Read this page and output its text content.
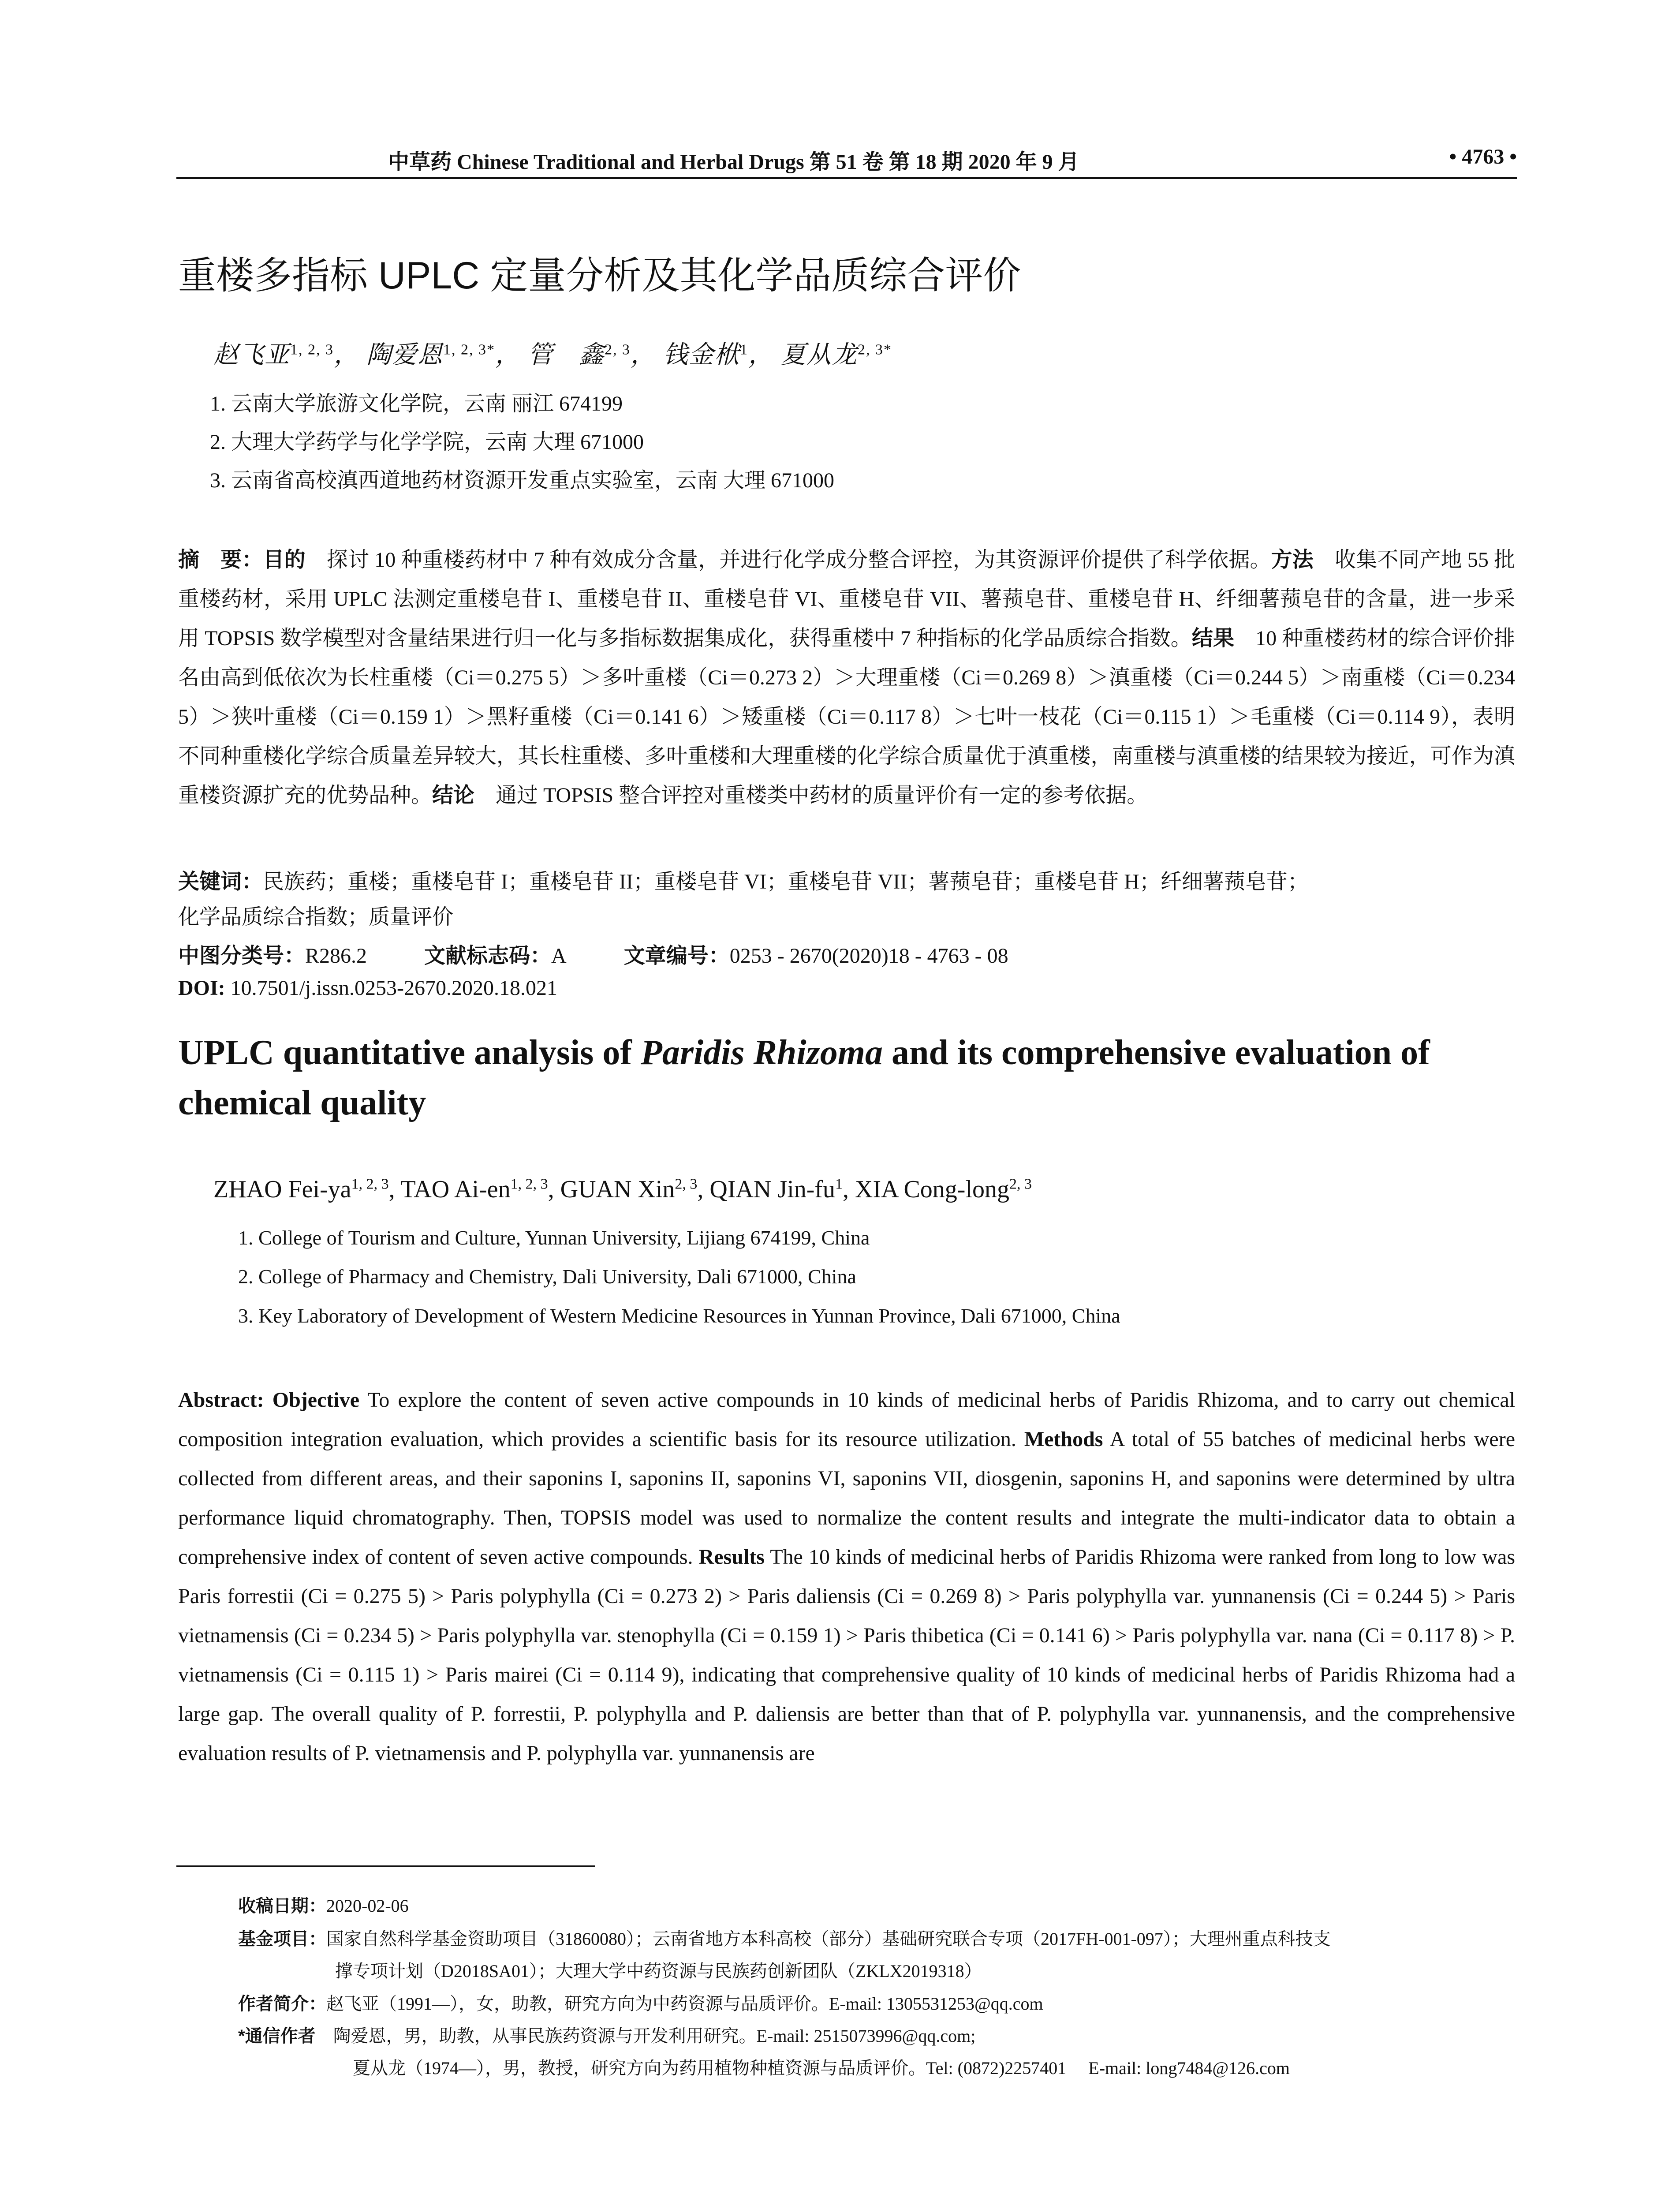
中草药 Chinese Traditional and Herbal Drugs 第 51 卷 第 18 期 2020 年 9 月	• 4763 •
重楼多指标 UPLC 定量分析及其化学品质综合评价
赵飞亚$^{1, 2, 3}$， 陶爱恩$^{1, 2, 3*}$， 管　鑫$^{2, 3}$， 钱金栿$^1$， 夏从龙$^{2, 3*}$
1. 云南大学旅游文化学院，云南 丽江 674199
2. 大理大学药学与化学学院，云南 大理 671000
3. 云南省高校滇西道地药材资源开发重点实验室，云南 大理 671000
摘　要：目的　探讨 10 种重楼药材中 7 种有效成分含量，并进行化学成分整合评控，为其资源评价提供了科学依据。方法　收集不同产地 55 批重楼药材，采用 UPLC 法测定重楼皂苷 I、重楼皂苷 II、重楼皂苷 VI、重楼皂苷 VII、薯蓣皂苷、重楼皂苷 H、纤细薯蓣皂苷的含量，进一步采用 TOPSIS 数学模型对含量结果进行归一化与多指标数据集成化，获得重楼中 7 种指标的化学品质综合指数。结果　10 种重楼药材的综合评价排名由高到低依次为长柱重楼（Ci＝0.275 5）＞多叶重楼（Ci＝0.273 2）＞大理重楼（Ci＝0.269 8）＞滇重楼（Ci＝0.244 5）＞南重楼（Ci＝0.234 5）＞狭叶重楼（Ci＝0.159 1）＞黑籽重楼（Ci＝0.141 6）＞矮重楼（Ci＝0.117 8）＞七叶一枝花（Ci＝0.115 1）＞毛重楼（Ci＝0.114 9），表明不同种重楼化学综合质量差异较大，其长柱重楼、多叶重楼和大理重楼的化学综合质量优于滇重楼，南重楼与滇重楼的结果较为接近，可作为滇重楼资源扩充的优势品种。结论　通过 TOPSIS 整合评控对重楼类中药材的质量评价有一定的参考依据。
关键词：民族药；重楼；重楼皂苷 I；重楼皂苷 II；重楼皂苷 VI；重楼皂苷 VII；薯蓣皂苷；重楼皂苷 H；纤细薯蓣皂苷；
化学品质综合指数；质量评价
中图分类号：R286.2	文献标志码：A	文章编号：0253 - 2670(2020)18 - 4763 - 08
DOI: 10.7501/j.issn.0253-2670.2020.18.021
UPLC quantitative analysis of Paridis Rhizoma and its comprehensive evaluation of chemical quality
ZHAO Fei-ya$^{1, 2, 3}$, TAO Ai-en$^{1, 2, 3}$, GUAN Xin$^{2, 3}$, QIAN Jin-$fu^1$, XIA Cong-long$^{2, 3}$
1. College of Tourism and Culture, Yunnan University, Lijiang 674199, China
2. College of Pharmacy and Chemistry, Dali University, Dali 671000, China
3. Key Laboratory of Development of Western Medicine Resources in Yunnan Province, Dali 671000, China
Abstract: Objective To explore the content of seven active compounds in 10 kinds of medicinal herbs of Paridis Rhizoma, and to carry out chemical composition integration evaluation, which provides a scientific basis for its resource utilization. Methods A total of 55 batches of medicinal herbs were collected from different areas, and their saponins I, saponins II, saponins VI, saponins VII, diosgenin, saponins H, and saponins were determined by ultra performance liquid chromatography. Then, TOPSIS model was used to normalize the content results and integrate the multi-indicator data to obtain a comprehensive index of content of seven active compounds. Results The 10 kinds of medicinal herbs of Paridis Rhizoma were ranked from long to low was Paris forrestii (Ci = 0.275 5) > Paris polyphylla (Ci = 0.273 2) > Paris daliensis (Ci = 0.269 8) > Paris polyphylla var. yunnanensis (Ci = 0.244 5) > Paris vietnamensis (Ci = 0.234 5) > Paris polyphylla var. stenophylla (Ci = 0.159 1) > Paris thibetica (Ci = 0.141 6) > Paris polyphylla var. nana (Ci = 0.117 8) > P. vietnamensis (Ci = 0.115 1) > Paris mairei (Ci = 0.114 9), indicating that comprehensive quality of 10 kinds of medicinal herbs of Paridis Rhizoma had a large gap. The overall quality of P. forrestii, P. polyphylla and P. daliensis are better than that of P. polyphylla var. yunnanensis, and the comprehensive evaluation results of P. vietnamensis and P. polyphylla var. yunnanensis are
收稿日期：2020-02-06
基金项目：国家自然科学基金资助项目（31860080）；云南省地方本科高校（部分）基础研究联合专项（2017FH-001-097）；大理州重点科技支
撑专项计划（D2018SA01）；大理大学中药资源与民族药创新团队（ZKLX2019318）
作者简介：赵飞亚（1991—），女，助教，研究方向为中药资源与品质评价。E-mail: 1305531253@qq.com
*通信作者　陶爱恩，男，助教，从事民族药资源与开发利用研究。E-mail: 2515073996@qq.com;
夏从龙（1974—），男，教授，研究方向为药用植物种植资源与品质评价。Tel: (0872)2257401　 E-mail: long7484@126.com
